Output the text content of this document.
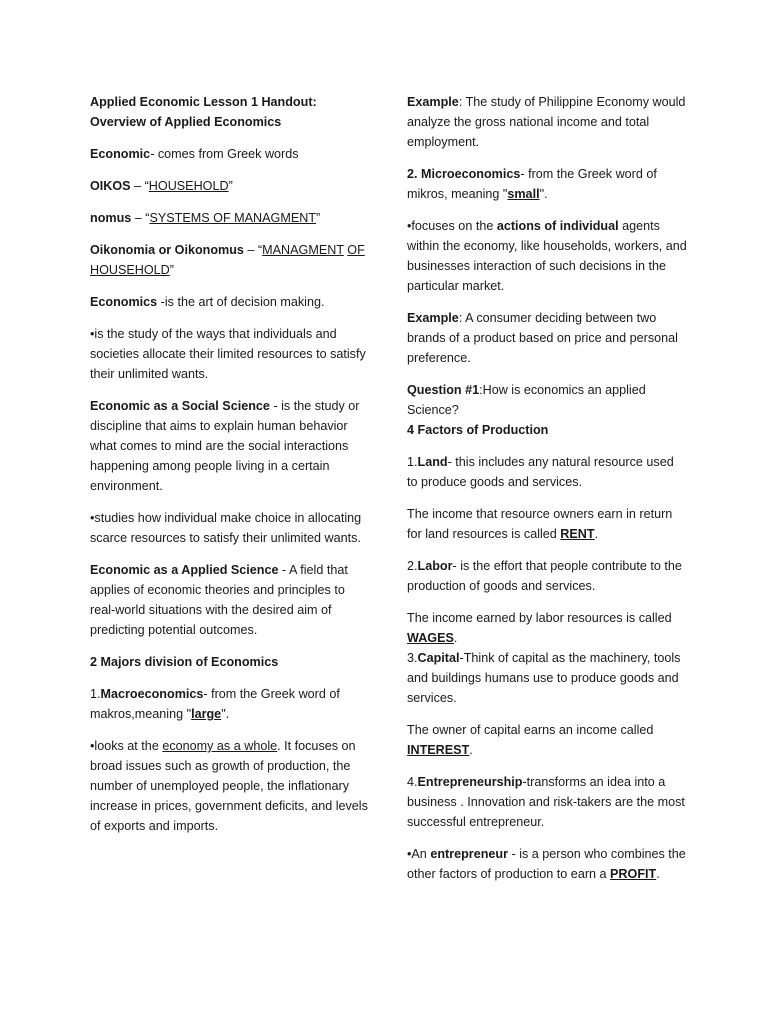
Applied Economic Lesson 1 Handout: Overview of Applied Economics

Economic- comes from Greek words

OIKOS – “HOUSEHOLD”

nomus – “SYSTEMS OF MANAGMENT”

Oikonomia or Oikonomus – “MANAGMENT OF HOUSEHOLD”

Economics -is the art of decision making.

•is the study of the ways that individuals and societies allocate their limited resources to satisfy their unlimited wants.

Economic as a Social Science - is the study or discipline that aims to explain human behavior what comes to mind are the social interactions happening among people living in a certain environment.

•studies how individual make choice in allocating scarce resources to satisfy their unlimited wants.

Economic as a Applied Science - A field that applies of economic theories and principles to real-world situations with the desired aim of predicting potential outcomes.

2 Majors division of Economics

1.Macroeconomics- from the Greek word of makros,meaning "large".

•looks at the economy as a whole. It focuses on broad issues such as growth of production, the number of unemployed people, the inflationary increase in prices, government deficits, and levels of exports and imports.

Example: The study of Philippine Economy would analyze the gross national income and total employment.

2. Microeconomics- from the Greek word of mikros, meaning "small".

•focuses on the actions of individual agents within the economy, like households, workers, and businesses interaction of such decisions in the particular market.

Example: A consumer deciding between two brands of a product based on price and personal preference.

Question #1:How is economics an applied Science?

4 Factors of Production

1.Land- this includes any natural resource used to produce goods and services.

The income that resource owners earn in return for land resources is called RENT.

2.Labor- is the effort that people contribute to the production of goods and services.

The income earned by labor resources is called WAGES.

3.Capital-Think of capital as the machinery, tools and buildings humans use to produce goods and services.

The owner of capital earns an income called INTEREST.

4.Entrepreneurship-transforms an idea into a business . Innovation and risk-takers are the most successful entrepreneur.

•An entrepreneur - is a person who combines the other factors of production to earn a PROFIT.
